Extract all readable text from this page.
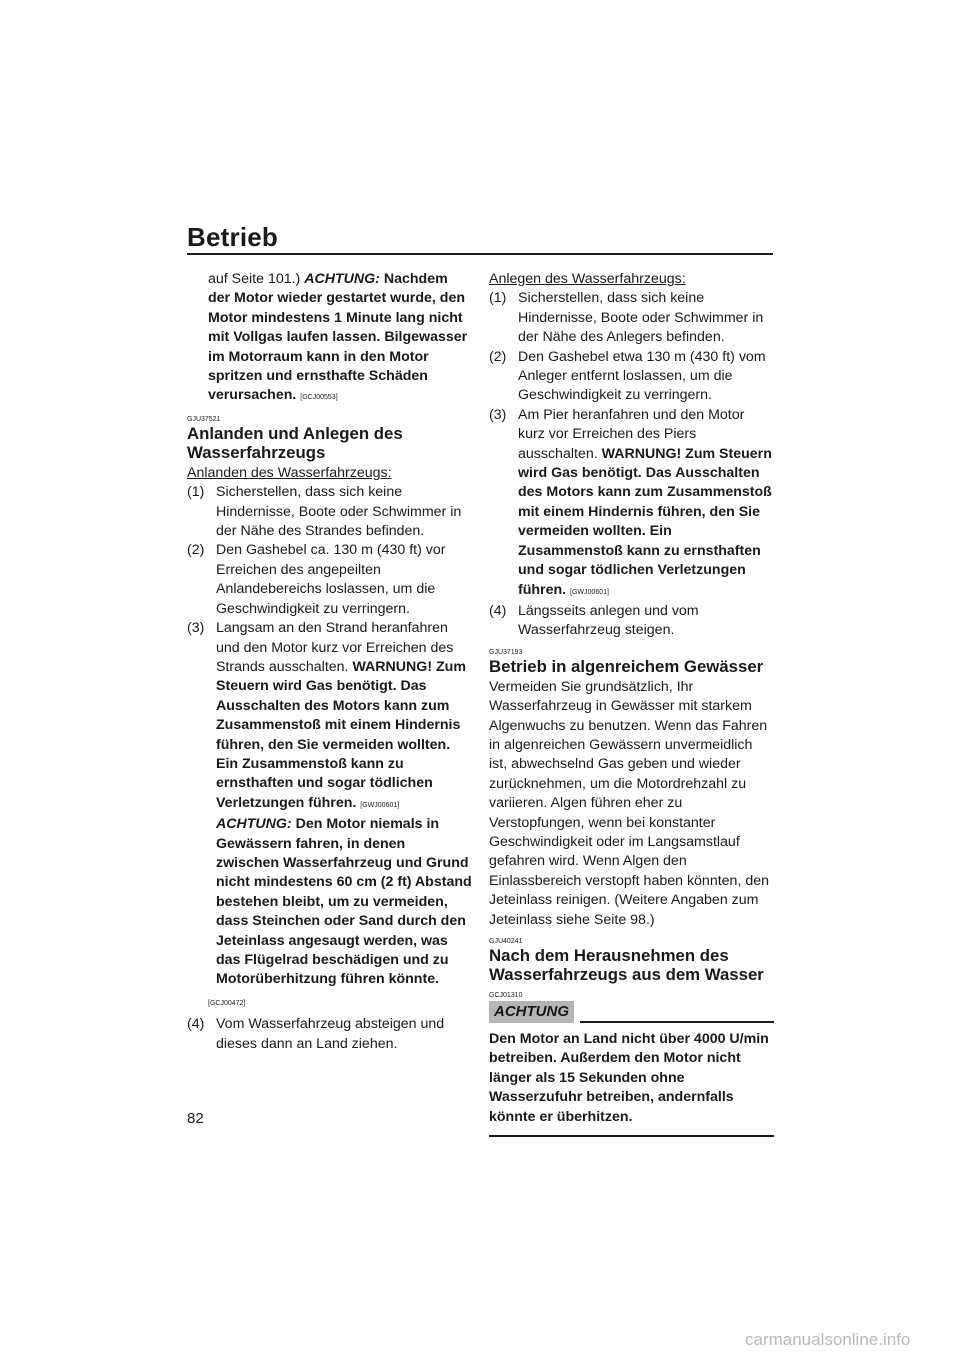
Betrieb

auf Seite 101.) ACHTUNG: Nachdem der Motor wieder gestartet wurde, den Motor mindestens 1 Minute lang nicht mit Vollgas laufen lassen. Bilgewasser im Motorraum kann in den Motor spritzen und ernsthafte Schäden verursachen. [GCJ00553]

GJU37521
Anlanden und Anlegen des Wasserfahrzeugs
Anlanden des Wasserfahrzeugs:
(1) Sicherstellen, dass sich keine Hindernisse, Boote oder Schwimmer in der Nähe des Strandes befinden.
(2) Den Gashebel ca. 130 m (430 ft) vor Erreichen des angepeilten Anlandebereichs loslassen, um die Geschwindigkeit zu verringern.
(3) Langsam an den Strand heranfahren und den Motor kurz vor Erreichen des Strands ausschalten. WARNUNG! Zum Steuern wird Gas benötigt. Das Ausschalten des Motors kann zum Zusammenstoß mit einem Hindernis führen, den Sie vermeiden wollten. Ein Zusammenstoß kann zu ernsthaften und sogar tödlichen Verletzungen führen. [GWJ00601] ACHTUNG: Den Motor niemals in Gewässern fahren, in denen zwischen Wasserfahrzeug und Grund nicht mindestens 60 cm (2 ft) Abstand bestehen bleibt, um zu vermeiden, dass Steinchen oder Sand durch den Jeteinlass angesaugt werden, was das Flügelrad beschädigen und zu Motorüberhitzung führen könnte.
[GCJ00472]
(4) Vom Wasserfahrzeug absteigen und dieses dann an Land ziehen.
Anlegen des Wasserfahrzeugs:
(1) Sicherstellen, dass sich keine Hindernisse, Boote oder Schwimmer in der Nähe des Anlegers befinden.
(2) Den Gashebel etwa 130 m (430 ft) vom Anleger entfernt loslassen, um die Geschwindigkeit zu verringern.
(3) Am Pier heranfahren und den Motor kurz vor Erreichen des Piers ausschalten. WARNUNG! Zum Steuern wird Gas benötigt. Das Ausschalten des Motors kann zum Zusammenstoß mit einem Hindernis führen, den Sie vermeiden wollten. Ein Zusammenstoß kann zu ernsthaften und sogar tödlichen Verletzungen führen. [GWJ00601]
(4) Längsseits anlegen und vom Wasserfahrzeug steigen.
GJU37193
Betrieb in algenreichem Gewässer

Vermeiden Sie grundsätzlich, Ihr Wasserfahrzeug in Gewässer mit starkem Algenwuchs zu benutzen. Wenn das Fahren in algenreichen Gewässern unvermeidlich ist, abwechselnd Gas geben und wieder zurücknehmen, um die Motordrehzahl zu variieren. Algen führen eher zu Verstopfungen, wenn bei konstanter Geschwindigkeit oder im Langsamstlauf gefahren wird. Wenn Algen den Einlassbereich verstopft haben könnten, den Jeteinlass reinigen. (Weitere Angaben zum Jeteinlass siehe Seite 98.)

GJU40241
Nach dem Herausnehmen des Wasserfahrzeugs aus dem Wasser
GCJ01310
ACHTUNG
Den Motor an Land nicht über 4000 U/min betreiben. Außerdem den Motor nicht länger als 15 Sekunden ohne Wasserzufuhr betreiben, andernfalls könnte er überhitzen.
82
carmanualsonline.info
